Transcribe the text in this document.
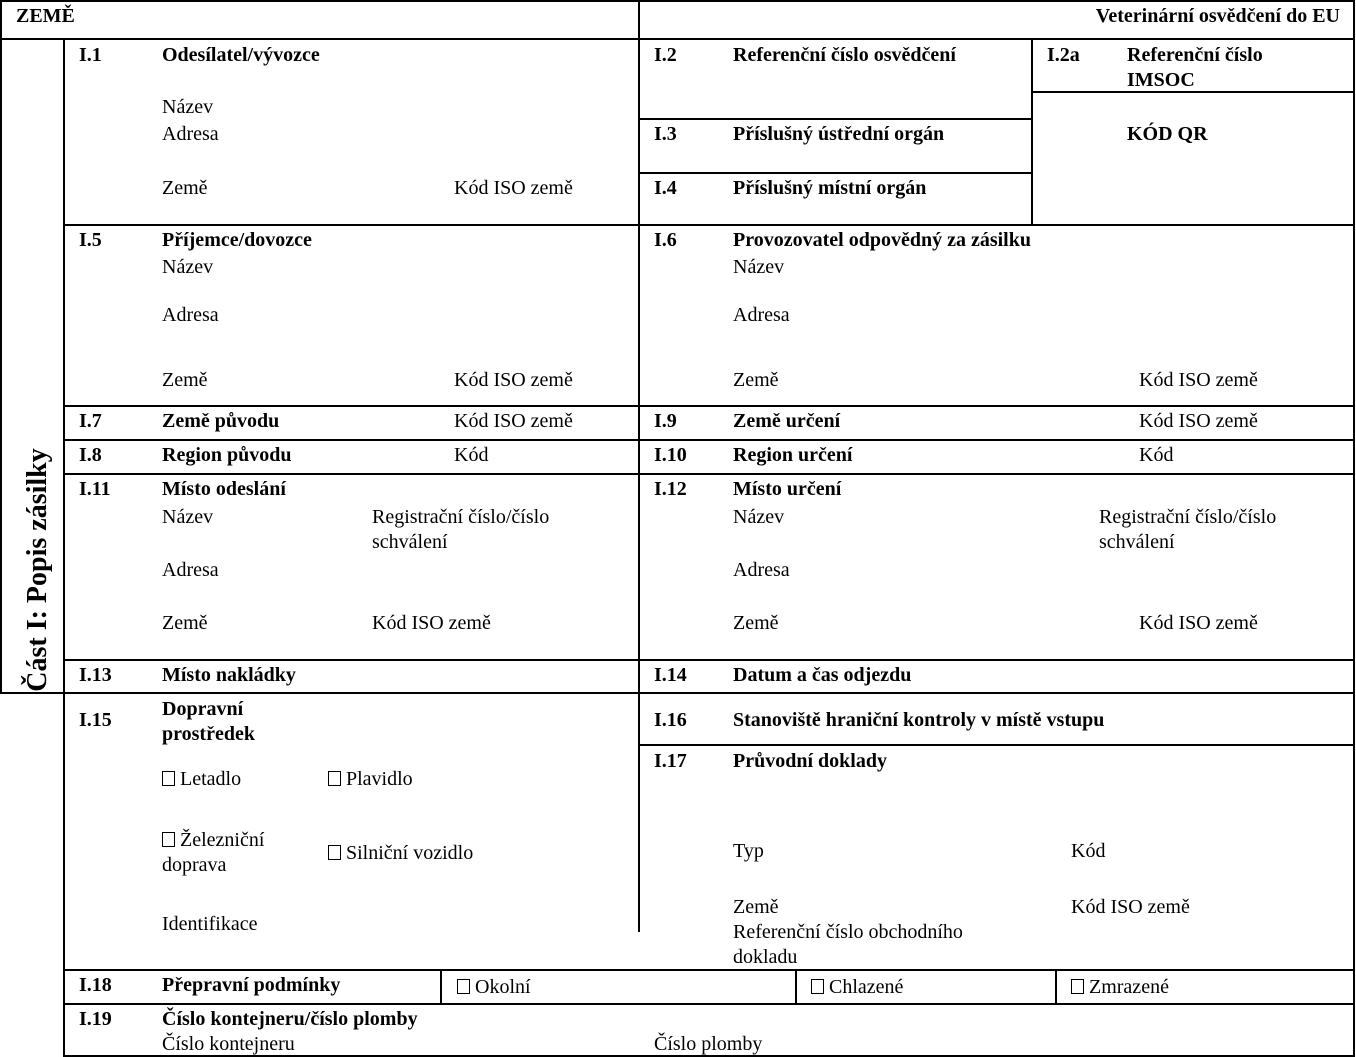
ZEMĚ	Veterinární osvědčení do EU
Část I: Popis zásilky
I.1	Odesílatel/vývozce
Název
Adresa
Země	Kód ISO země
I.2	Referenční číslo osvědčení	I.2a Referenční číslo
IMSOC
KÓD QR
I.3	Příslušný ústřední orgán
I.4	Příslušný místní orgán
I.5	Příjemce/dovozce
Název
Adresa
Země	Kód ISO země
I.6	Provozovatel odpovědný za zásilku
Název
Adresa
Země	Kód ISO země
I.7	Země původu	Kód ISO země	I.9	Země určení	Kód ISO země
I.8	Region původu	Kód	I.10 Region určení	Kód
I.11	Místo odeslání
Název	Registrační číslo/číslo
schválení
Adresa
Země	Kód ISO země
I.12 Místo určení
Název	Registrační číslo/číslo
schválení
Adresa
Země	Kód ISO země
I.13	Místo nakládky	I.14 Datum a čas odjezdu
I.15	Dopravní
prostředek
Letadlo	Plavidlo
Železniční
doprava
Silniční vozidlo
Identifikace
I.16 Stanoviště hraniční kontroly v místě vstupu
I.17 Průvodní doklady
Typ	Kód
Země	Kód ISO země
Referenční číslo obchodního
dokladu
I.18	Přepravní podmínky	Okolní	Chlazené	Zmrazené
I.19	Číslo kontejneru/číslo plomby
Číslo kontejneru	Číslo plomby
